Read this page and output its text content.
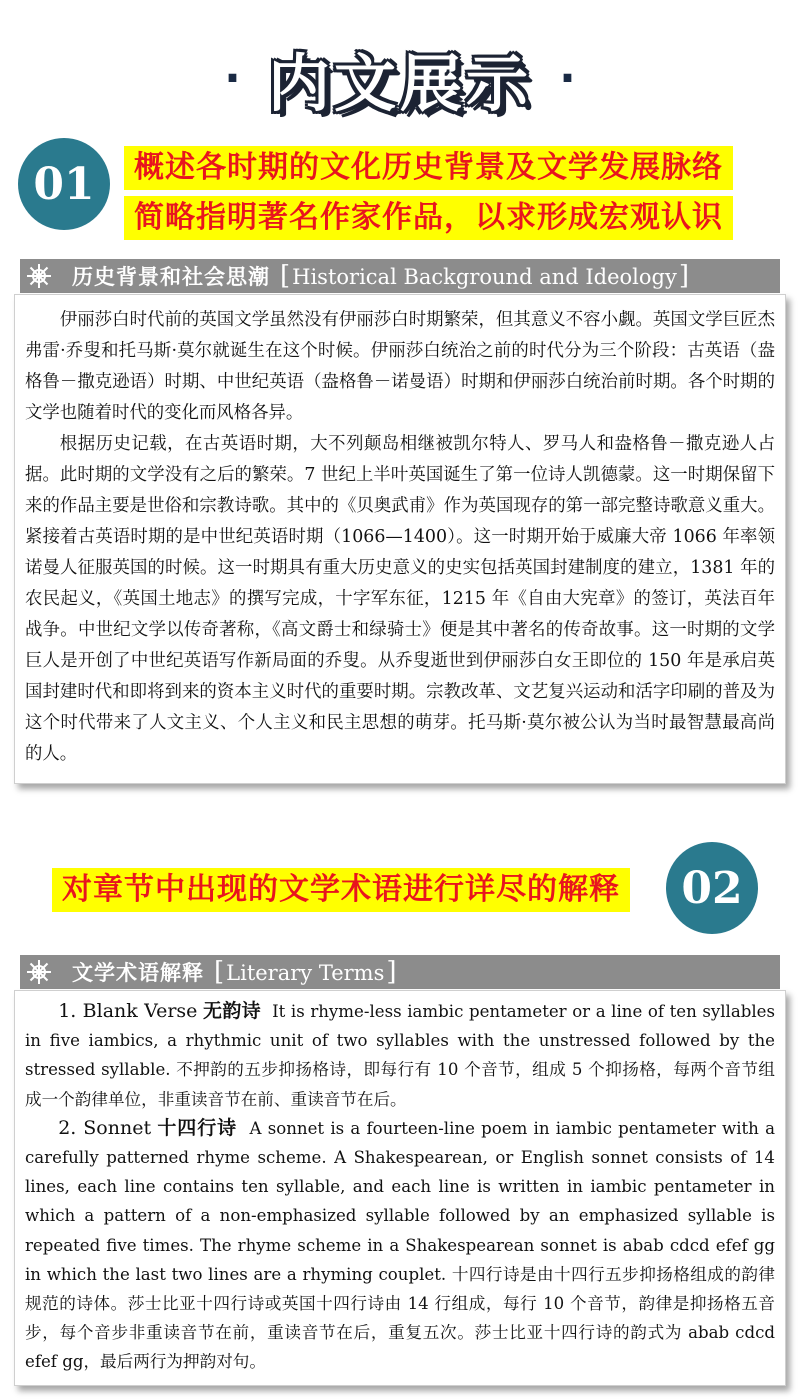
· 内文展示 ·
01	概述各时期的文化历史背景及文学发展脉络
简略指明著名作家作品，以求形成宏观认识
历史背景和社会思潮 [Historical Background and Ideology]

伊丽莎白时代前的英国文学虽然没有伊丽莎白时期繁荣，但其意义不容小觑。英国文学巨匠杰弗雷·乔叟和托马斯·莫尔就诞生在这个时候。伊丽莎白统治之前的时代分为三个阶段：古英语（盎格鲁－撒克逊语）时期、中世纪英语（盎格鲁－诺曼语）时期和伊丽莎白统治前时期。各个时期的文学也随着时代的变化而风格各异。

根据历史记载，在古英语时期，大不列颠岛相继被凯尔特人、罗马人和盎格鲁－撒克逊人占据。此时期的文学没有之后的繁荣。7 世纪上半叶英国诞生了第一位诗人凯德蒙。这一时期保留下来的作品主要是世俗和宗教诗歌。其中的《贝奥武甫》作为英国现存的第一部完整诗歌意义重大。紧接着古英语时期的是中世纪英语时期（1066—1400）。这一时期开始于威廉大帝 1066 年率领诺曼人征服英国的时候。这一时期具有重大历史意义的史实包括英国封建制度的建立，1381 年的农民起义，《英国土地志》的撰写完成，十字军东征，1215 年《自由大宪章》的签订，英法百年战争。中世纪文学以传奇著称，《高文爵士和绿骑士》便是其中著名的传奇故事。这一时期的文学巨人是开创了中世纪英语写作新局面的乔叟。从乔叟逝世到伊丽莎白女王即位的 150 年是承启英国封建时代和即将到来的资本主义时代的重要时期。宗教改革、文艺复兴运动和活字印刷的普及为这个时代带来了人文主义、个人主义和民主思想的萌芽。托马斯·莫尔被公认为当时最智慧最高尚的人。

对章节中出现的文学术语进行详尽的解释	02
文学术语解释 [Literary Terms]

1. Blank Verse 无韵诗 It is rhyme-less iambic pentameter or a line of ten syllables in five iambics, a rhythmic unit of two syllables with the unstressed followed by the stressed syllable. 不押韵的五步抑扬格诗，即每行有 10 个音节，组成 5 个抑扬格，每两个音节组成一个韵律单位，非重读音节在前、重读音节在后。

2. Sonnet 十四行诗 A sonnet is a fourteen-line poem in iambic pentameter with a carefully patterned rhyme scheme. A Shakespearean, or English sonnet consists of 14 lines, each line contains ten syllable, and each line is written in iambic pentameter in which a pattern of a non-emphasized syllable followed by an emphasized syllable is repeated five times. The rhyme scheme in a Shakespearean sonnet is abab cdcd efef gg in which the last two lines are a rhyming couplet. 十四行诗是由十四行五步抑扬格组成的韵律规范的诗体。莎士比亚十四行诗或英国十四行诗由 14 行组成，每行 10 个音节，韵律是抑扬格五音步，每个音步非重读音节在前，重读音节在后，重复五次。莎士比亚十四行诗的韵式为 abab cdcd efef gg，最后两行为押韵对句。
